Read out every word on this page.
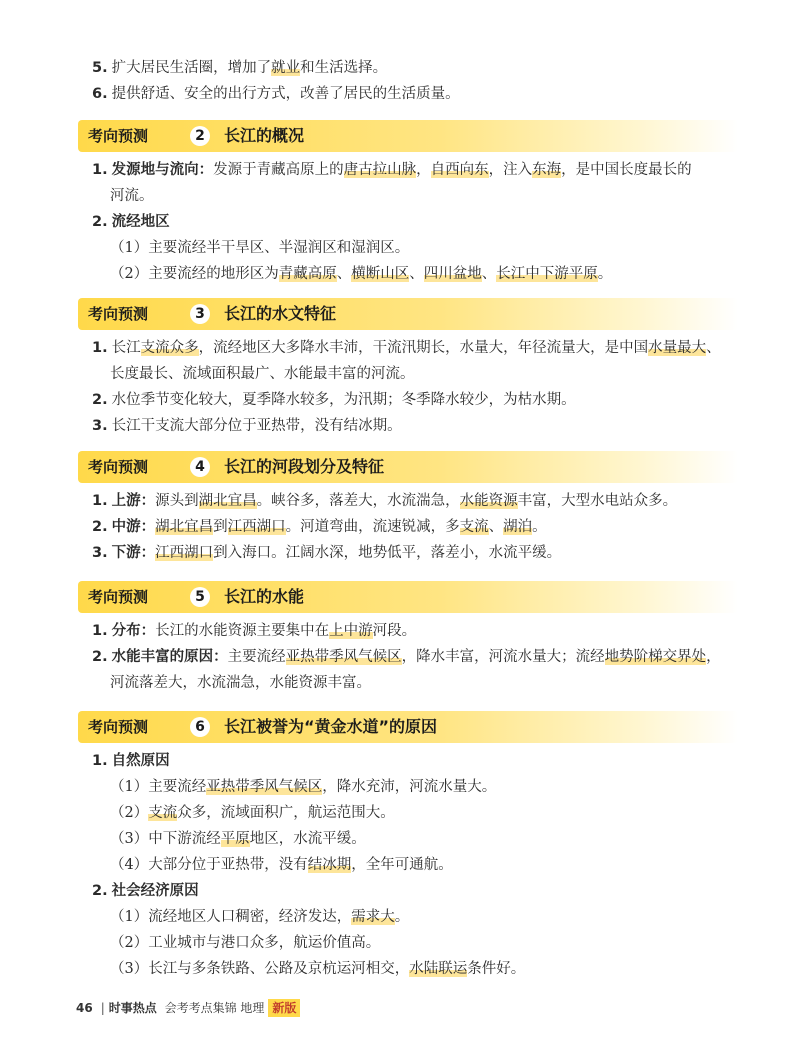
5. 扩大居民生活圈，增加了就业和生活选择。
6. 提供舒适、安全的出行方式，改善了居民的生活质量。
考向预测	2	长江的概况
1. 发源地与流向：发源于青藏高原上的唐古拉山脉，自西向东，注入东海，是中国长度最长的
河流。
2. 流经地区
（1）主要流经半干旱区、半湿润区和湿润区。
（2）主要流经的地形区为青藏高原、横断山区、四川盆地、长江中下游平原。
考向预测	3	长江的水文特征
1. 长江支流众多，流经地区大多降水丰沛，干流汛期长，水量大，年径流量大，是中国水量最大、
长度最长、流域面积最广、水能最丰富的河流。
2. 水位季节变化较大，夏季降水较多，为汛期；冬季降水较少，为枯水期。
3. 长江干支流大部分位于亚热带，没有结冰期。
考向预测	4	长江的河段划分及特征
1. 上游：源头到湖北宜昌。峡谷多，落差大，水流湍急，水能资源丰富，大型水电站众多。
2. 中游：湖北宜昌到江西湖口。河道弯曲，流速锐减，多支流、湖泊。
3. 下游：江西湖口到入海口。江阔水深，地势低平，落差小，水流平缓。
考向预测	5	长江的水能
1. 分布：长江的水能资源主要集中在上中游河段。
2. 水能丰富的原因：主要流经亚热带季风气候区，降水丰富，河流水量大；流经地势阶梯交界处，
河流落差大，水流湍急，水能资源丰富。
考向预测	6	长江被誉为“黄金水道”的原因
1. 自然原因
（1）主要流经亚热带季风气候区，降水充沛，河流水量大。
（2）支流众多，流域面积广，航运范围大。
（3）中下游流经平原地区，水流平缓。
（4）大部分位于亚热带，没有结冰期，全年可通航。
2. 社会经济原因
（1）流经地区人口稠密，经济发达，需求大。
（2）工业城市与港口众多，航运价值高。
（3）长江与多条铁路、公路及京杭运河相交，水陆联运条件好。
46 | 时事热点 会考考点集锦 地理 新版
